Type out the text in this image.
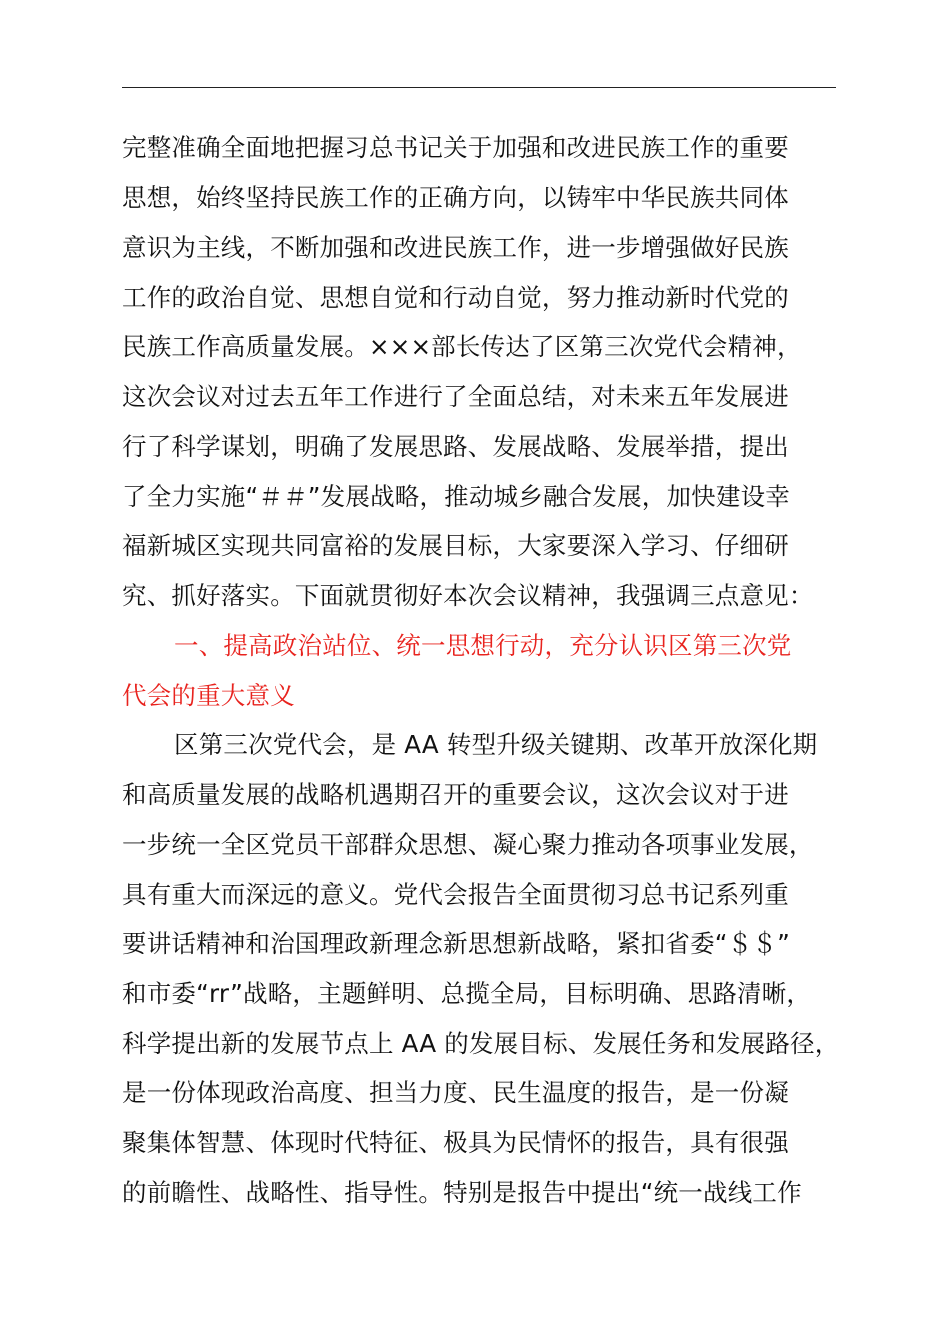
完整准确全面地把握习总书记关于加强和改进民族工作的重要
思想，始终坚持民族工作的正确方向，以铸牢中华民族共同体
意识为主线，不断加强和改进民族工作，进一步增强做好民族
工作的政治自觉、思想自觉和行动自觉，努力推动新时代党的
民族工作高质量发展。×××部长传达了区第三次党代会精神，
这次会议对过去五年工作进行了全面总结，对未来五年发展进
行了科学谋划，明确了发展思路、发展战略、发展举措，提出
了全力实施“＃＃”发展战略，推动城乡融合发展，加快建设幸
福新城区实现共同富裕的发展目标，大家要深入学习、仔细研
究、抓好落实。下面就贯彻好本次会议精神，我强调三点意见：
一、提高政治站位、统一思想行动，充分认识区第三次党
代会的重大意义
区第三次党代会，是 AA 转型升级关键期、改革开放深化期
和高质量发展的战略机遇期召开的重要会议，这次会议对于进
一步统一全区党员干部群众思想、凝心聚力推动各项事业发展，
具有重大而深远的意义。党代会报告全面贯彻习总书记系列重
要讲话精神和治国理政新理念新思想新战略，紧扣省委“＄＄”
和市委“rr”战略，主题鲜明、总揽全局，目标明确、思路清晰，
科学提出新的发展节点上 AA 的发展目标、发展任务和发展路径，
是一份体现政治高度、担当力度、民生温度的报告，是一份凝
聚集体智慧、体现时代特征、极具为民情怀的报告，具有很强
的前瞻性、战略性、指导性。特别是报告中提出“统一战线工作
